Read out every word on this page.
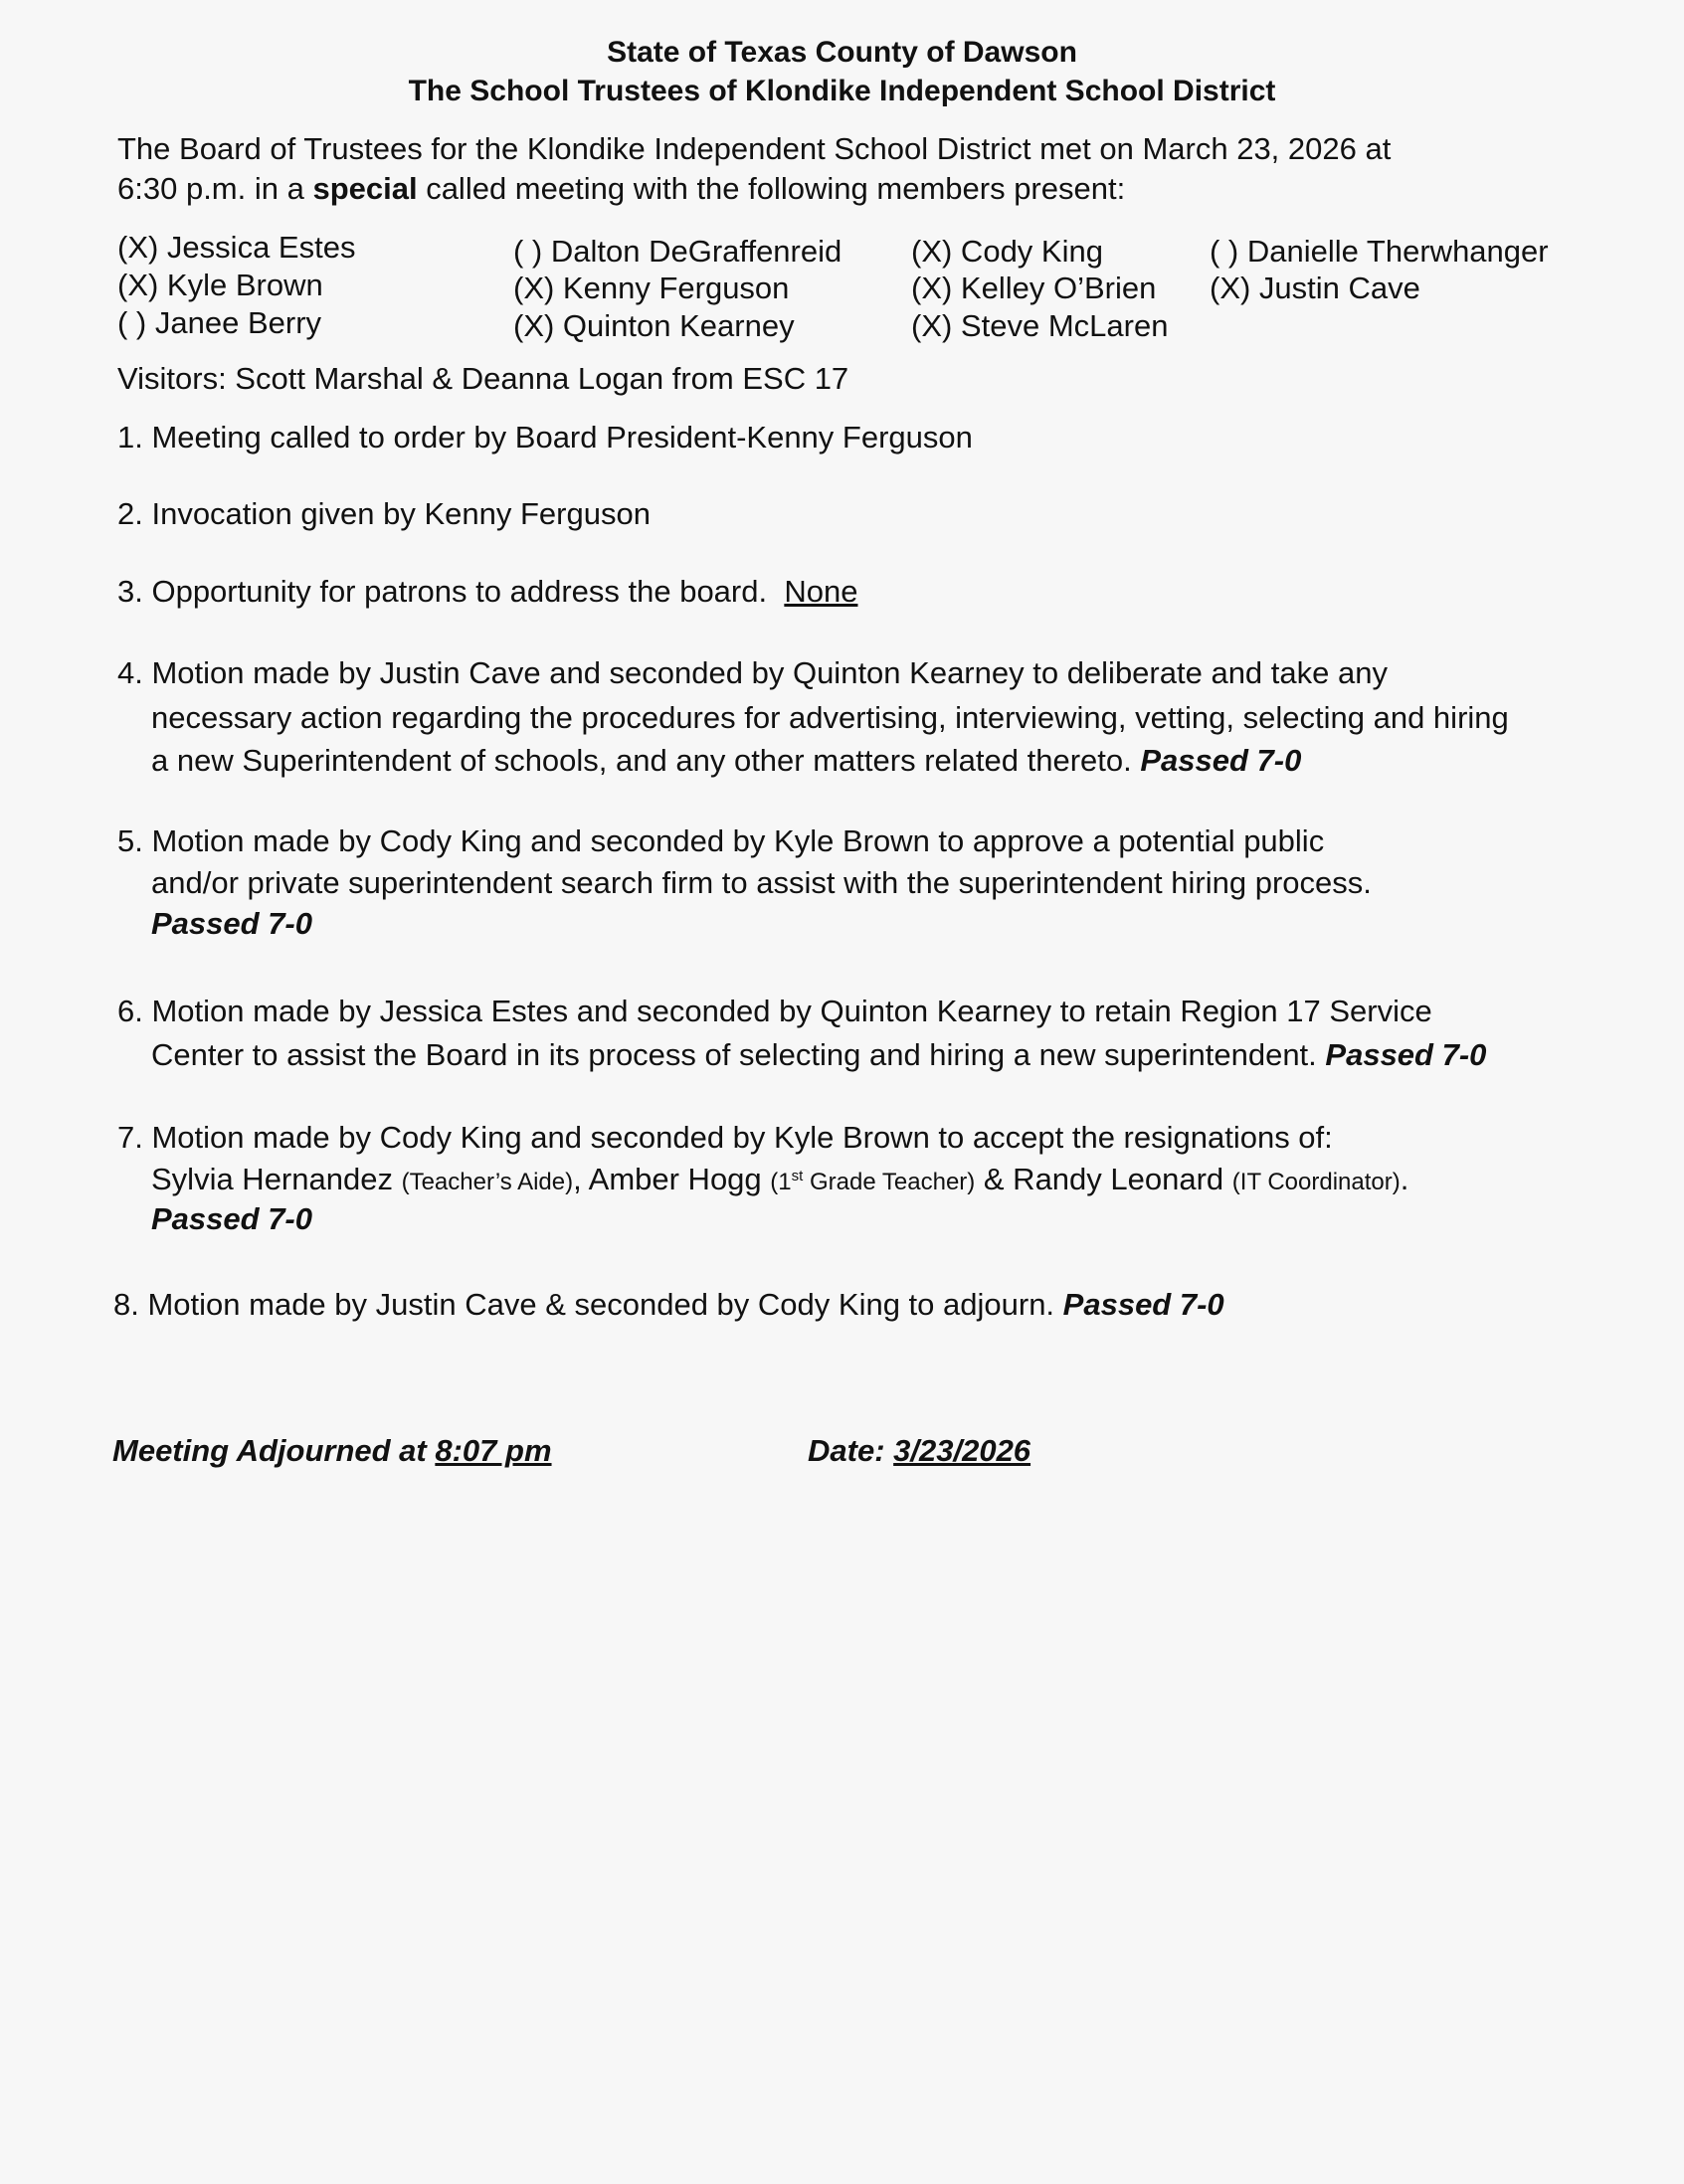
State of Texas County of Dawson
The School Trustees of Klondike Independent School District
The Board of Trustees for the Klondike Independent School District met on March 23, 2026 at
6:30 p.m. in a special called meeting with the following members present:
(X) Jessica Estes	( ) Dalton DeGraffenreid (X) Cody King	( ) Danielle Therwhanger
(X) Kyle Brown	(X) Kenny Ferguson	(X) Kelley O’Brien (X) Justin Cave
( ) Janee Berry	(X) Quinton Kearney	(X) Steve McLaren
Visitors: Scott Marshal & Deanna Logan from ESC 17
1. Meeting called to order by Board President-Kenny Ferguson
2. Invocation given by Kenny Ferguson
3. Opportunity for patrons to address the board. None
4. Motion made by Justin Cave and seconded by Quinton Kearney to deliberate and take any
necessary action regarding the procedures for advertising, interviewing, vetting, selecting and hiring
a new Superintendent of schools, and any other matters related thereto. Passed 7-0
5. Motion made by Cody King and seconded by Kyle Brown to approve a potential public
and/or private superintendent search firm to assist with the superintendent hiring process.
Passed 7-0
6. Motion made by Jessica Estes and seconded by Quinton Kearney to retain Region 17 Service
Center to assist the Board in its process of selecting and hiring a new superintendent. Passed 7-0
7. Motion made by Cody King and seconded by Kyle Brown to accept the resignations of:
Sylvia Hernandez (Teacher’s Aide), Amber Hogg (1st Grade Teacher) & Randy Leonard (IT Coordinator).
Passed 7-0
8. Motion made by Justin Cave & seconded by Cody King to adjourn. Passed 7-0
Meeting Adjourned at 8:07 pm	Date: 3/23/2026
